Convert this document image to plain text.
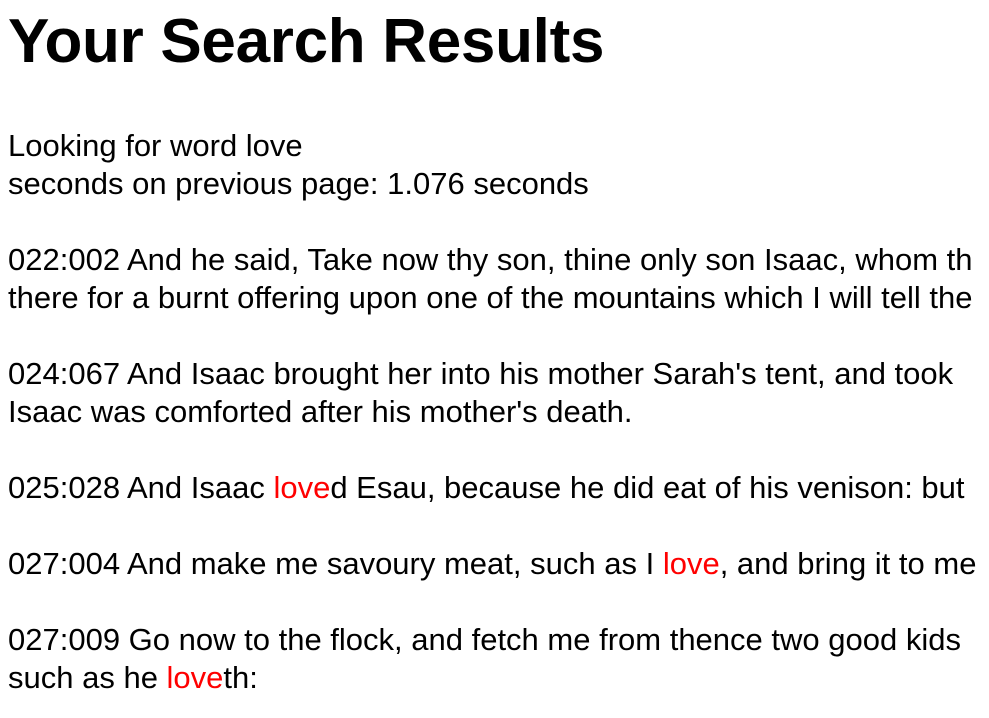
Your Search Results
Looking for word love
seconds on previous page: 1.076 seconds
022:002 And he said, Take now thy son, thine only son Isaac, whom th
there for a burnt offering upon one of the mountains which I will tell the
024:067 And Isaac brought her into his mother Sarah's tent, and took
Isaac was comforted after his mother's death.
025:028 And Isaac loved Esau, because he did eat of his venison: but
027:004 And make me savoury meat, such as I love, and bring it to me
027:009 Go now to the flock, and fetch me from thence two good kids
such as he loveth:
